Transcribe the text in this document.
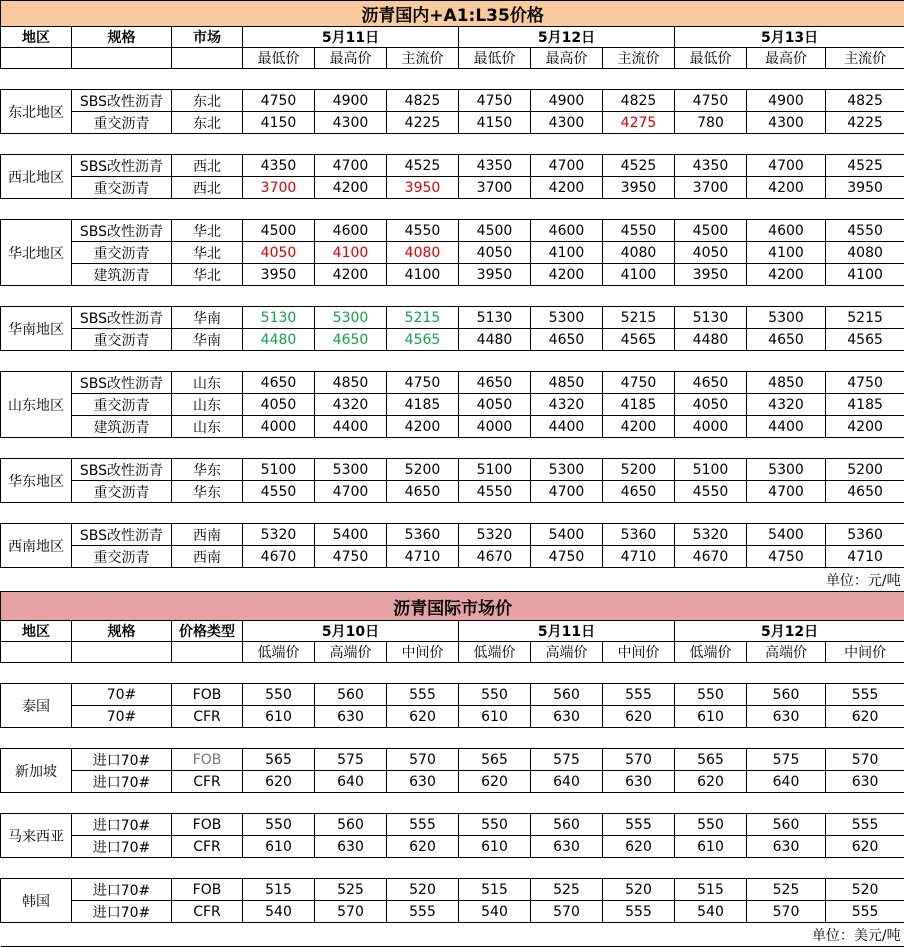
沥青国内+A1:L35价格											
地区	规格	市场	5月11日			5月12日			5月13日		
			最低价	最高价	主流价	最低价	最高价	主流价	最低价	最高价	主流价

东北地区	SBS改性沥青	东北	4750	4900	4825	4750	4900	4825	4750	4900	4825
	重交沥青	东北	4150	4300	4225	4150	4300	4275	780	4300	4225

西北地区	SBS改性沥青	西北	4350	4700	4525	4350	4700	4525	4350	4700	4525
	重交沥青	西北	3700	4200	3950	3700	4200	3950	3700	4200	3950

华北地区	SBS改性沥青	华北	4500	4600	4550	4500	4600	4550	4500	4600	4550
	重交沥青	华北	4050	4100	4080	4050	4100	4080	4050	4100	4080
	建筑沥青	华北	3950	4200	4100	3950	4200	4100	3950	4200	4100

华南地区	SBS改性沥青	华南	5130	5300	5215	5130	5300	5215	5130	5300	5215
	重交沥青	华南	4480	4650	4565	4480	4650	4565	4480	4650	4565

山东地区	SBS改性沥青	山东	4650	4850	4750	4650	4850	4750	4650	4850	4750
	重交沥青	山东	4050	4320	4185	4050	4320	4185	4050	4320	4185
	建筑沥青	山东	4000	4400	4200	4000	4400	4200	4000	4400	4200

华东地区	SBS改性沥青	华东	5100	5300	5200	5100	5300	5200	5100	5300	5200
	重交沥青	华东	4550	4700	4650	4550	4700	4650	4550	4700	4650

西南地区	SBS改性沥青	西南	5320	5400	5360	5320	5400	5360	5320	5400	5360
	重交沥青	西南	4670	4750	4710	4670	4750	4710	4670	4750	4710
单位：元/吨											
沥青国际市场价											
地区	规格	价格类型	5月10日			5月11日			5月12日		
			低端价	高端价	中间价	低端价	高端价	中间价	低端价	高端价	中间价

泰国	70#	FOB	550	560	555	550	560	555	550	560	555
	70#	CFR	610	630	620	610	630	620	610	630	620

新加坡	进口70#	FOB	565	575	570	565	575	570	565	575	570
	进口70#	CFR	620	640	630	620	640	630	620	640	630

马来西亚	进口70#	FOB	550	560	555	550	560	555	550	560	555
	进口70#	CFR	610	630	620	610	630	620	610	630	620

韩国	进口70#	FOB	515	525	520	515	525	520	515	525	520
	进口70#	CFR	540	570	555	540	570	555	540	570	555
单位：美元/吨											
